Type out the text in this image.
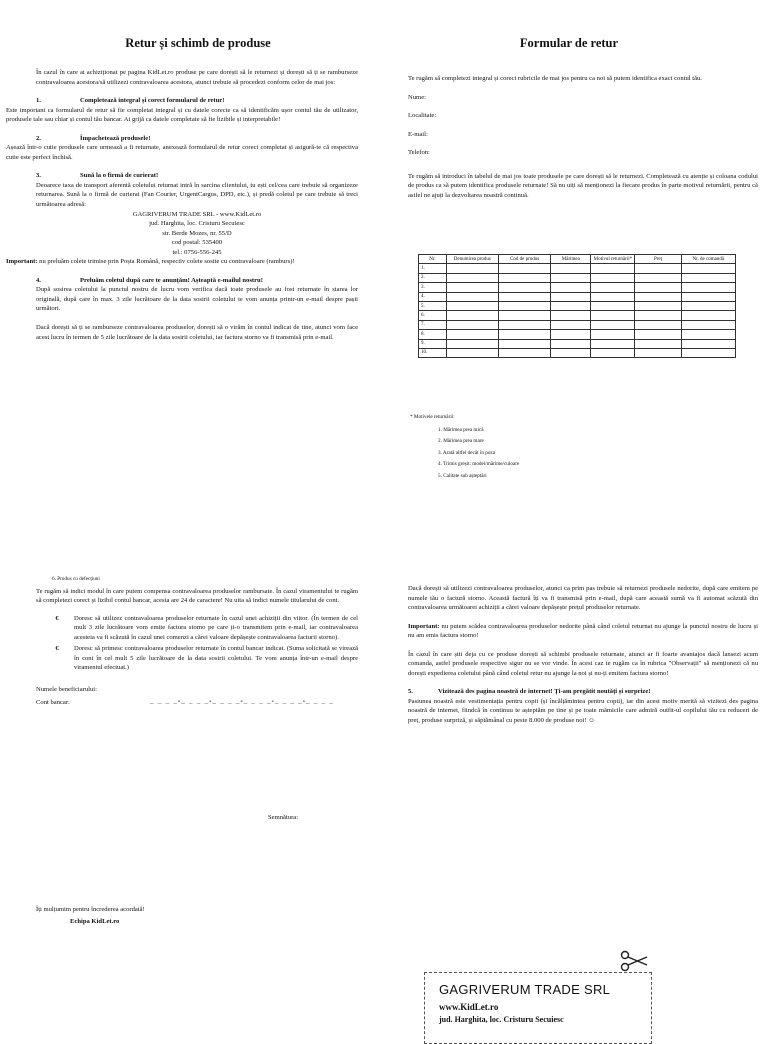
Retur și schimb de produse

În cazul în care ai achiziționat pe pagina KidLet.ro produse pe care dorești să le returnezi și dorești să ți se ramburseze contravaloarea acestora/să utilizezi contravaloarea acestora, atunci trebuie să procedezi conform celor de mai jos:

1.	Completează integral și corect formularul de retur!

Este important ca formularul de retur să fie completat integral și cu datele corecte ca să identificăm ușor contul tău de utilizator, produsele tale sau chiar și contul tău bancar. Ai grijă ca datele completate să fie lizibile și interpretabile!

2.	Împachetează produsele!

Așează într-o cutie produsele care urmează a fi returnate, anexează formularul de retur corect completat și asigură-te că respectiva cutie este perfect închisă.

3.	Sună la o firmă de curierat!

Deoarece taxa de transport aferentă coletului returnat intră în sarcina clientului, tu ești cel/cea care trebuie să organizeze returnarea. Sună la o firmă de curierat (Fan Courier, UrgentCargus, DPD, etc.), și predă coletul pe care trebuie să treci următoarea adresă:

GAGRIVERUM TRADE SRL - www.KidLet.ro

jud. Harghita, loc. Cristuru Secuiesc

str. Berde Mozes, nr. 55/D

cod postal: 535400

tel.: 0756-556-245

Important: nu preluăm colete trimise prin Poșta Română, respectiv colete sosite cu contravaloare (ramburs)!

4.	Preluăm coletul după care te anunțăm! Așteaptă e-mailul nostru!

După sosirea coletului la punctul nostru de lucru vom verifica dacă toate produsele au fost returnate în starea lor originală, după care în max. 3 zile lucrătoare de la data sosirii coletului te vom anunța printr-un e-mail despre pașii următori.

Dacă dorești să ți se ramburseze contravaloarea produselor, dorești să o virăm în contul indicat de tine, atunci vom face acest lucru în termen de 5 zile lucrătoare de la data sosirii coletului, iar factura storno va fi transmisă prin e-mail.

Formular de retur

Te rugăm să completezi integral și corect rubricile de mai jos pentru ca noi să putem identifica exact contul tău.

Nume:

Localitate:

E-mail:

Telefon:

Te rugăm să introduci în tabelul de mai jos toate produsele pe care dorești să le returnezi. Completează cu atenție și coloana codului de produs ca să putem identifica produsele returnate! Să nu uiți să menționezi la fiecare produs în parte motivul returnării, pentru că astfel ne ajuți la dezvoltarea noastră continuă.

Nr.	Denumirea produs	Cod de produs	Mărimea	Motivul returnării*	Preț	Nr. de comandă
1.						
2.						
3.						
4.						
5.						
6.						
7.						
8.						
9.						
10.						

* Motivele returnării:

1. Mărimea prea mică
2. Mărimea prea mare
3. Arată altfel decât în poza
4. Trimis greșit: model/mărime/culoare
5. Calitate sub așteptări

6. Produs cu defecțiuni

Te rugăm să indici modul în care putem compensa contravaloarea produselor rambursate. În cazul viramentului te rugăm să completezi corect și lizibil contul bancar, acesta are 24 de caractere! Nu uita să indici numele titularului de cont.

€	Doresc să utilizez contravaloarea produselor returnate în cazul unei achiziții din viitor. (În termen de cel mult 3 zile lucrătoare vom emite factura storno pe care ți-o transmitem prin e-mail, iar contravaloarea acesteia va fi scăzută în cazul unei comenzi a cărei valoare depășește contravaloarea facturii storno).

€	Doresc să primesc contravaloarea produselor returnate în contul bancar indicat. (Suma solicitată se virează în cont în cel mult 5 zile lucrătoare de la data sosirii coletului. Te vom anunța într-un e-mail despre viramentul efectuat.)

Numele beneficiarului:

Cont bancar:	_ _ _ _-_ _ _ _-_ _ _ _-_ _ _ _-_ _ _ _-_ _ _ _
Semnătura:

Îți mulțumim pentru încrederea acordată!

Echipa KidLet.ro

Dacă dorești să utilizezi contravaloarea produselor, atunci ca prim pas trebuie să returnezi produsele nedorite, după care emitem pe numele tău o factură storno. Această factură îți va fi transmisă prin e-mail, după care această sumă va fi automat scăzută din contravaloarea următoarei achiziții a cărei valoare depășește prețul produselor returnate.

Important: nu putem scădea contravaloarea produselor nedorite până când coletul returnat nu ajunge la punctul nostru de lucru și nu am emis factura storno!

În cazul în care știi deja cu ce produse dorești să schimbi produsele returnate, atunci ar fi foarte avantajos dacă lansezi acum comanda, astfel produsele respective sigur nu se vor vinde. În acest caz te rugăm ca în rubrica "Observații" să menționezi că nu dorești expedierea coletului până când coletul retur nu ajunge la noi și nu-ți emitem factura storno!

5.	Vizitează des pagina noastră de internet! Ți-am pregătit noutăți și surprize!

Pasiunea noastră este vestimentația pentru copii (și încălțămintea pentru copii), iar din acest motiv merită să vizitezi des pagina noastră de internet, fiindcă în continuu te așteptăm pe tine și pe toate mămicile care admiră outfit-ul copilului tău cu reduceri de preț, produse surpriză, și săptămânal cu peste 8.000 de produse noi! ☺

GAGRIVERUM TRADE SRL
www.KidLet.ro
jud. Harghita, loc. Cristuru Secuiesc
